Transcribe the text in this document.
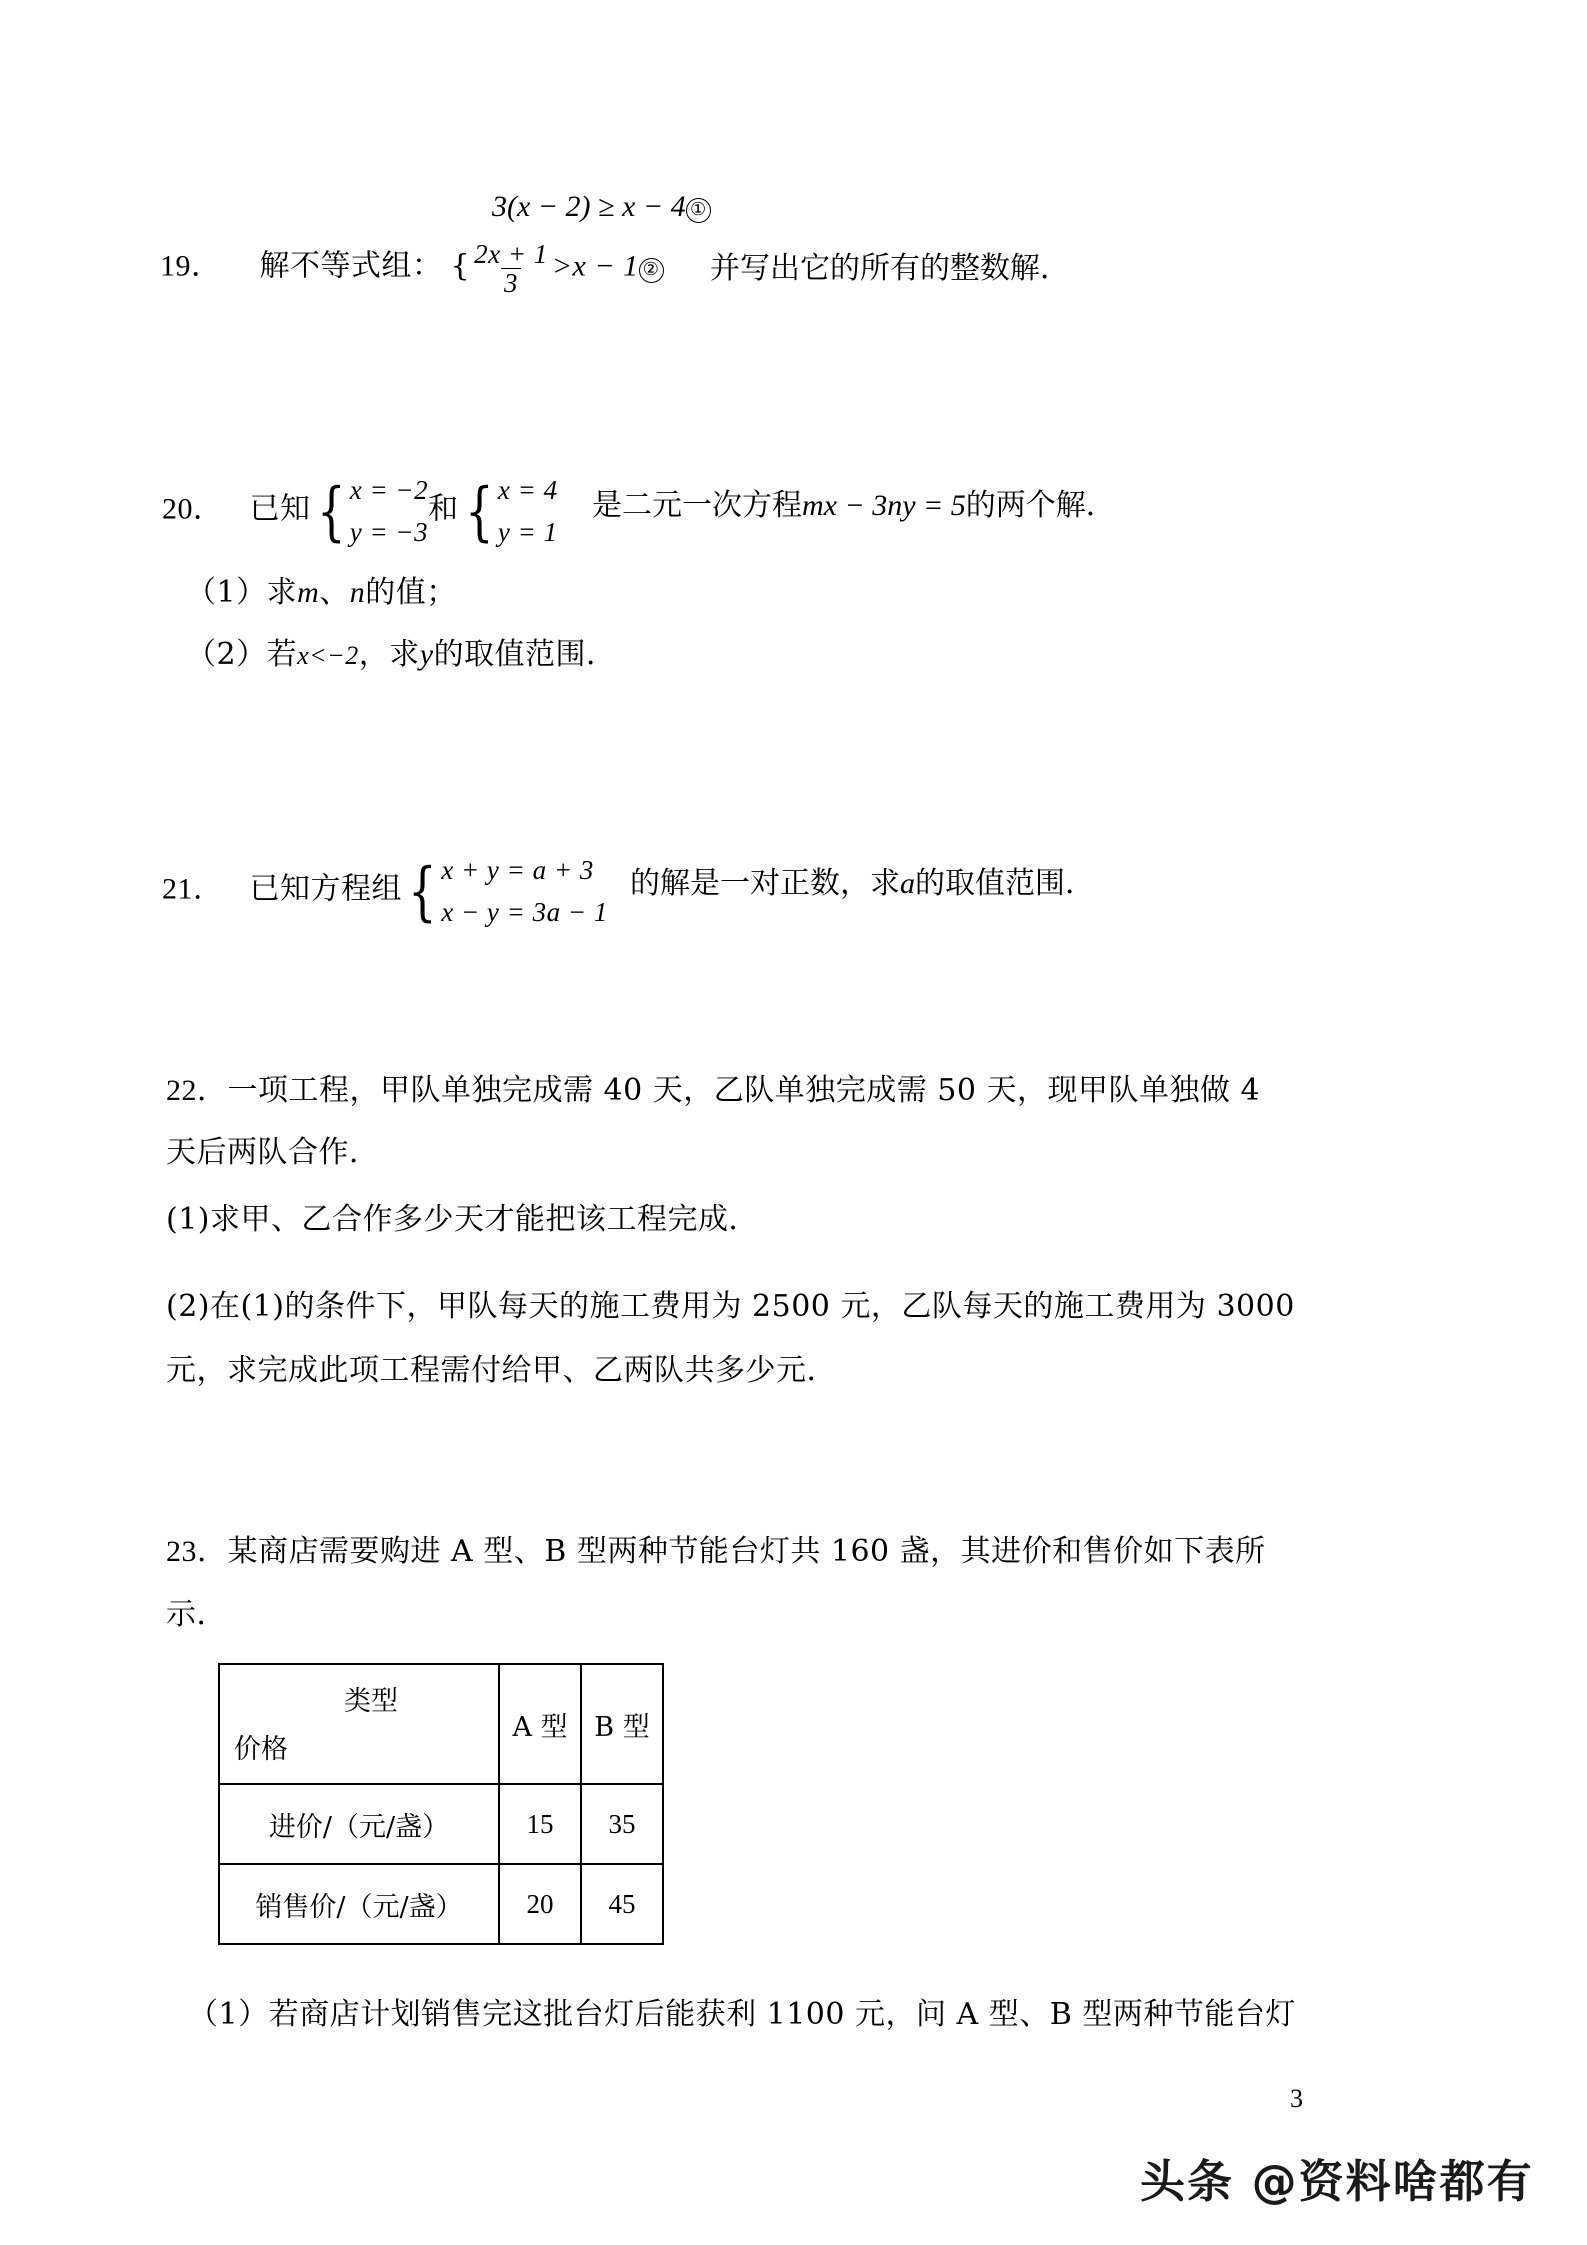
3(x − 2) ≥ x − 4 ①
19． 解不等式组： { $\frac{2x + 1}{3} >x - 1$ ② 并写出它的所有的整数解．
20． 已知 { x = −2
y = −3
和 { x = 4
y = 1
是二元一次方程mx − 3ny = 5的两个解．
（1）求m、n的值；
（2）若x<−2，求y的取值范围．
21． 已知方程组 { x + y = a + 3
x − y = 3a − 1
的解是一对正数，求a的取值范围．
22．一项工程，甲队单独完成需 40 天，乙队单独完成需 50 天，现甲队单独做 4
天后两队合作．
(1)求甲、乙合作多少天才能把该工程完成．
(2)在(1)的条件下，甲队每天的施工费用为 2500 元，乙队每天的施工费用为 3000
元，求完成此项工程需付给甲、乙两队共多少元．
23．某商店需要购进 A 型、B 型两种节能台灯共 160 盏，其进价和售价如下表所
示．
类型
价格	A 型	B 型
进价/（元/盏）	15	35
销售价/（元/盏）	20	45
（1）若商店计划销售完这批台灯后能获利 1100 元，问 A 型、B 型两种节能台灯
3
头条 @资料啥都有
